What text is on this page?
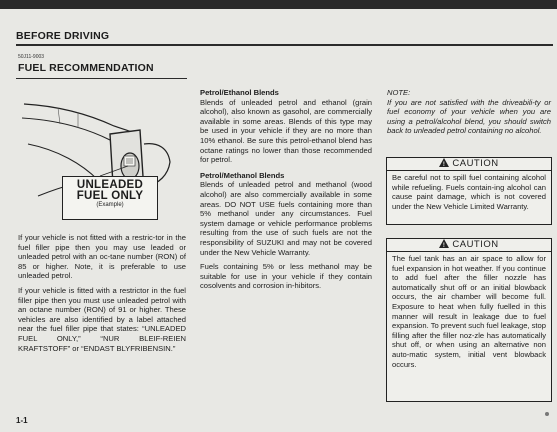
BEFORE DRIVING
50J11-9003
FUEL RECOMMENDATION
UNLEADED
FUEL ONLY
(Example)

If your vehicle is not fitted with a restric-tor in the fuel filler pipe then you may use leaded or unleaded petrol with an oc-tane number (RON) of 85 or higher. Note, it is preferable to use unleaded petrol.

If your vehicle is fitted with a restrictor in the fuel filler pipe then you must use unleaded petrol with an octane number (RON) of 91 or higher. These vehicles are also identified by a label attached near the fuel filler pipe that states: “UNLEADED FUEL ONLY,” “NUR BLEIF-REIEN KRAFTSTOFF” or “ENDAST BLYFRIBENSIN.”

Petrol/Ethanol Blends

Blends of unleaded petrol and ethanol (grain alcohol), also known as gasohol, are commercially available in some areas. Blends of this type may be used in your vehicle if they are no more than 10% ethanol. Be sure this petrol-ethanol blend has octane ratings no lower than those recommended for petrol.

Petrol/Methanol Blends

Blends of unleaded petrol and methanol (wood alcohol) are also commercially available in some areas. DO NOT USE fuels containing more than 5% methanol under any circumstances. Fuel system damage or vehicle performance problems resulting from the use of such fuels are not the responsibility of SUZUKI and may not be covered under the New Vehicle Warranty.

Fuels containing 5% or less methanol may be suitable for use in your vehicle if they contain cosolvents and corrosion in-hibitors.

NOTE:

If you are not satisfied with the driveabili-ty or fuel economy of your vehicle when you are using a petrol/alcohol blend, you should switch back to unleaded petrol containing no alcohol.

!CAUTION
Be careful not to spill fuel containing alcohol while refueling. Fuels contain-ing alcohol can cause paint damage, which is not covered under the New Vehicle Limited Warranty.
!CAUTION
The fuel tank has an air space to allow for fuel expansion in hot weather. If you continue to add fuel after the filler nozzle has automatically shut off or an initial blowback occurs, the air chamber will become full. Exposure to heat when fully fuelled in this manner will result in leakage due to fuel expansion. To prevent such fuel leakage, stop filling after the filler noz-zle has automatically shut off, or when using an alternative non auto-matic system, initial vent blowback occurs.
1-1
